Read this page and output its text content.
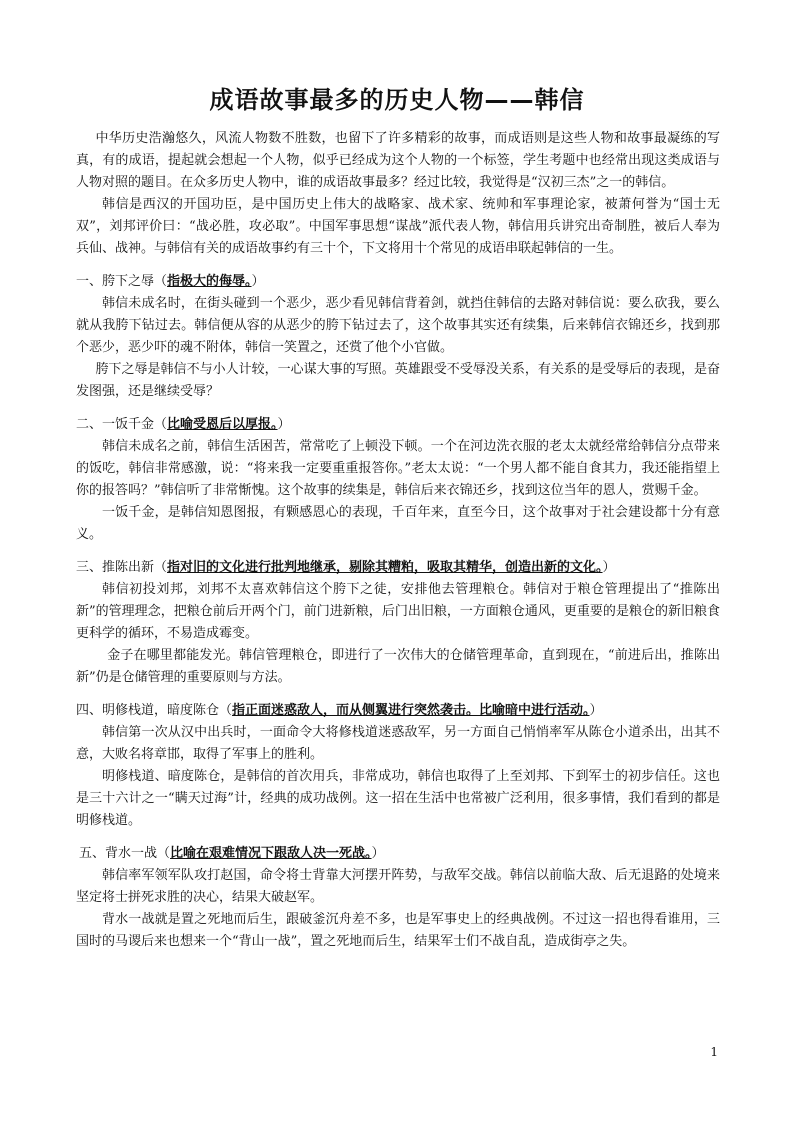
成语故事最多的历史人物——韩信

中华历史浩瀚悠久，风流人物数不胜数，也留下了许多精彩的故事，而成语则是这些人物和故事最凝练的写真，有的成语，提起就会想起一个人物，似乎已经成为这个人物的一个标签，学生考题中也经常出现这类成语与人物对照的题目。在众多历史人物中，谁的成语故事最多？经过比较，我觉得是“汉初三杰”之一的韩信。

韩信是西汉的开国功臣，是中国历史上伟大的战略家、战术家、统帅和军事理论家，被萧何誉为“国士无双”，刘邦评价曰：“战必胜，攻必取”。中国军事思想“谋战”派代表人物，韩信用兵讲究出奇制胜，被后人奉为兵仙、战神。与韩信有关的成语故事约有三十个，下文将用十个常见的成语串联起韩信的一生。

一、胯下之辱（指极大的侮辱。）

韩信未成名时，在街头碰到一个恶少，恶少看见韩信背着剑，就挡住韩信的去路对韩信说：要么砍我，要么就从我胯下钻过去。韩信便从容的从恶少的胯下钻过去了，这个故事其实还有续集，后来韩信衣锦还乡，找到那个恶少，恶少吓的魂不附体，韩信一笑置之，还赏了他个小官做。

胯下之辱是韩信不与小人计较，一心谋大事的写照。英雄跟受不受辱没关系，有关系的是受辱后的表现，是奋发图强，还是继续受辱？

二、一饭千金（比喻受恩后以厚报。）

韩信未成名之前，韩信生活困苦，常常吃了上顿没下顿。一个在河边洗衣服的老太太就经常给韩信分点带来的饭吃，韩信非常感激，说：“将来我一定要重重报答你。”老太太说：“一个男人都不能自食其力，我还能指望上你的报答吗？”韩信听了非常惭愧。这个故事的续集是，韩信后来衣锦还乡，找到这位当年的恩人，赏赐千金。

一饭千金，是韩信知恩图报，有颗感恩心的表现，千百年来，直至今日，这个故事对于社会建设都十分有意义。

三、推陈出新（指对旧的文化进行批判地继承，剔除其糟粕，吸取其精华，创造出新的文化。）

韩信初投刘邦，刘邦不太喜欢韩信这个胯下之徒，安排他去管理粮仓。韩信对于粮仓管理提出了“推陈出新”的管理理念，把粮仓前后开两个门，前门进新粮，后门出旧粮，一方面粮仓通风，更重要的是粮仓的新旧粮食更科学的循环，不易造成霉变。

金子在哪里都能发光。韩信管理粮仓，即进行了一次伟大的仓储管理革命，直到现在，“前进后出，推陈出新”仍是仓储管理的重要原则与方法。

四、明修栈道，暗度陈仓（指正面迷惑敌人，而从侧翼进行突然袭击。比喻暗中进行活动。）

韩信第一次从汉中出兵时，一面命令大将修栈道迷惑敌军，另一方面自己悄悄率军从陈仓小道杀出，出其不意，大败名将章邯，取得了军事上的胜利。

明修栈道、暗度陈仓，是韩信的首次用兵，非常成功，韩信也取得了上至刘邦、下到军士的初步信任。这也是三十六计之一“瞒天过海”计，经典的成功战例。这一招在生活中也常被广泛利用，很多事情，我们看到的都是明修栈道。

五、背水一战（比喻在艰难情况下跟敌人决一死战。）

韩信率军领军队攻打赵国，命令将士背靠大河摆开阵势，与敌军交战。韩信以前临大敌、后无退路的处境来坚定将士拼死求胜的决心，结果大破赵军。

背水一战就是置之死地而后生，跟破釜沉舟差不多，也是军事史上的经典战例。不过这一招也得看谁用，三国时的马谡后来也想来一个“背山一战”，置之死地而后生，结果军士们不战自乱，造成街亭之失。

1
